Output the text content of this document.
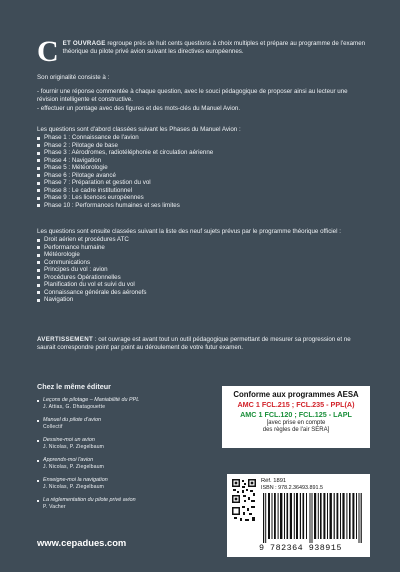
C ET OUVRAGE regroupe près de huit cents questions à choix multiples et prépare au programme de l'examen théorique du pilote privé avion suivant les directives européennes.

Son originalité consiste à :

- fournir une réponse commentée à chaque question, avec le souci pédagogique de proposer ainsi au lecteur une révision intelligente et constructive.

- effectuer un pontage avec des figures et des mots-clés du Manuel Avion.

Les questions sont d'abord classées suivant les Phases du Manuel Avion :

Phase 1 : Connaissance de l'avion
Phase 2 : Pilotage de base
Phase 3 : Aérodromes, radiotéléphonie et circulation aérienne
Phase 4 : Navigation
Phase 5 : Météorologie
Phase 6 : Pilotage avancé
Phase 7 : Préparation et gestion du vol
Phase 8 : Le cadre institutionnel
Phase 9 : Les licences européennes
Phase 10 : Performances humaines et ses limites

Les questions sont ensuite classées suivant la liste des neuf sujets prévus par le programme théorique officiel :

Droit aérien et procédures ATC
Performance humaine
Météorologie
Communications
Principes du vol : avion
Procédures Opérationnelles
Planification du vol et suivi du vol
Connaissance générale des aéronefs
Navigation
AVERTISSEMENT : cet ouvrage est avant tout un outil pédagogique permettant de mesurer sa progression et ne saurait correspondre point par point au déroulement de votre futur examen.
Chez le même éditeur
Leçons de pilotage – Maniabilité du PPL
J. Attias, G. Dhatagouette
Manuel du pilote d'avion
Collectif
Dessine-moi un avion
J. Nicolas, P. Ziegelbaum
Apprends-moi l'avion
J. Nicolas, P. Ziegelbaum
Enseigne-moi la navigation
J. Nicolas, P. Ziegelbaum
La réglementation du pilote privé avion
P. Vacher
www.cepadues.com
Conforme aux programmes AESA
AMC 1 FCL.215 ; FCL.235 - PPL(A)
AMC 1 FCL.120 ; FCL.125 - LAPL
[avec prise en compte
des règles de l'air SERA]
Réf. 1891
ISBN : 978.2.36493.891.5
9 782364 938915
